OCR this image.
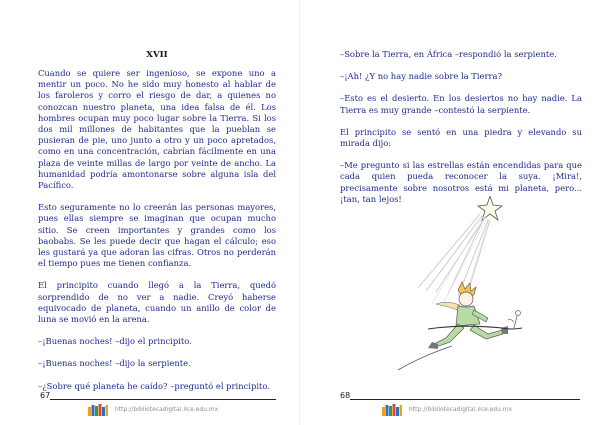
XVII

Cuando se quiere ser ingenioso, se expone uno a mentir un poco. No he sido muy honesto al hablar de los faroleros y corro el riesgo de dar, a quienes no conozcan nuestro planeta, una idea falsa de él. Los hombres ocupan muy poco lugar sobre la Tierra. Si los dos mil millones de habitantes que la pueblan se pusieran de pie, uno junto a otro y un poco apretados, como en una concentración, cabrían fácilmente en una plaza de veinte millas de largo por veinte de ancho. La humanidad podría amontonarse sobre alguna isla del Pacífico.

Esto seguramente no lo creerán las personas mayores, pues ellas siempre se imaginan que ocupan mucho sitio. Se creen importantes y grandes como los baobabs. Se les puede decir que hagan el cálculo; eso les gustará ya que adoran las cifras. Otros no perderán el tiempo pues me tienen confianza.

El principito cuando llegó a la Tierra, quedó sorprendido de no ver a nadie. Creyó haberse equivocado de planeta, cuando un anillo de color de luna se movió en la arena.

–¡Buenas noches! –dijo el principito.

–¡Buenas noches! –dijo la serpiente.

–¿Sobre qué planeta he caído? –preguntó el principito.

67
http://bibliotecadigital.ilce.edu.mx

–Sobre la Tierra, en África –respondió la serpiente.

–¡Ah! ¿Y no hay nadie sobre la Tierra?

–Esto es el desierto. En los desiertos no hay nadie. La Tierra es muy grande –contestó la serpiente.

El principito se sentó en una piedra y elevando su mirada dijo:

–Me pregunto si las estrellas están encendidas para que cada quien pueda reconocer la suya. ¡Mira!, precisamente sobre nosotros está mi planeta, pero... ¡tan, tan lejos!

68
http://bibliotecadigital.ilce.edu.mx
